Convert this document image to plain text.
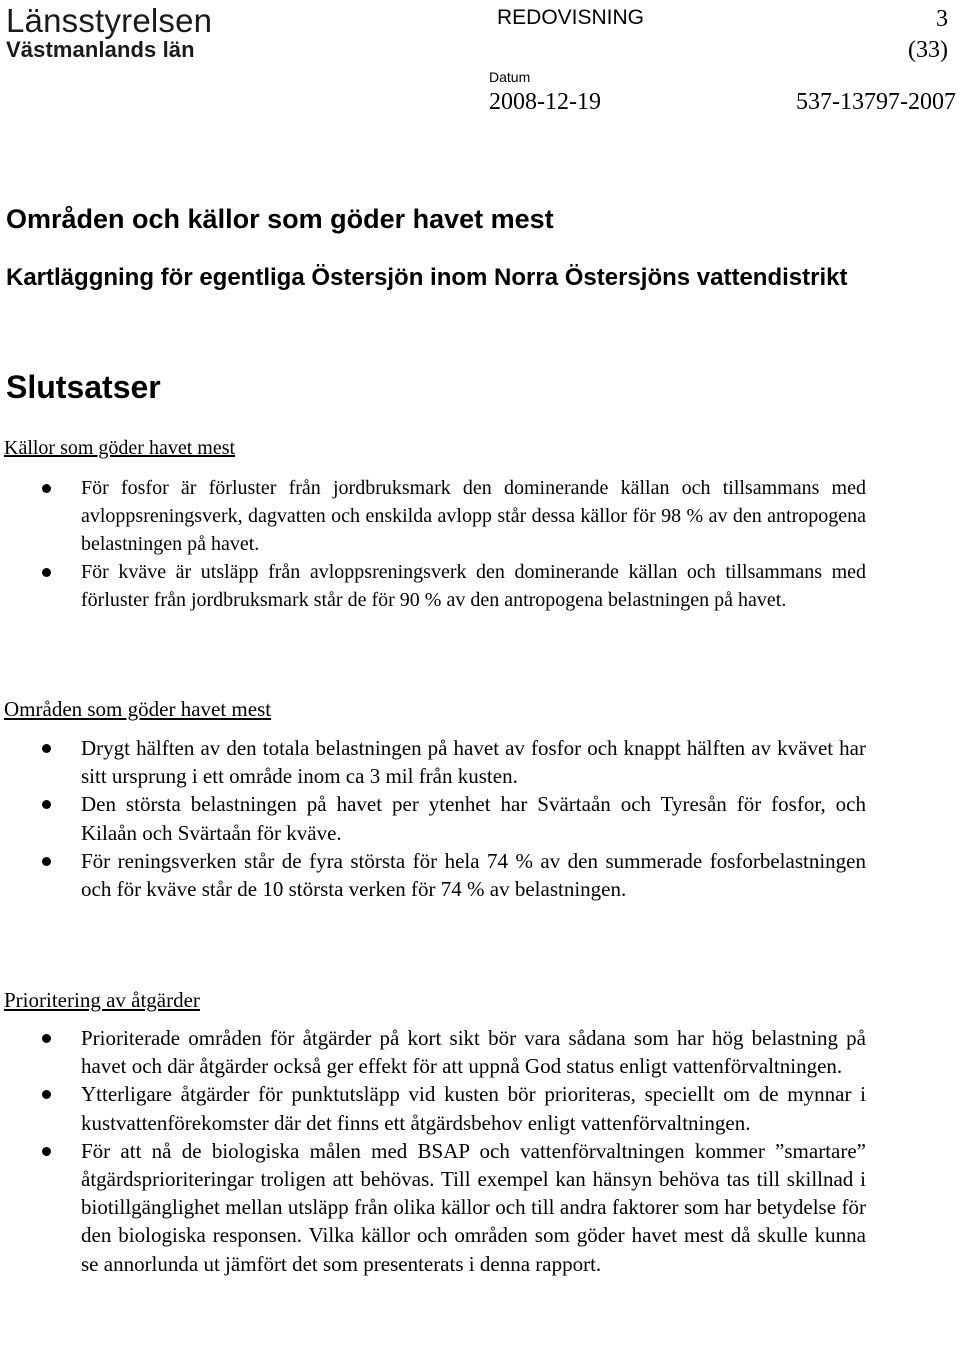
Länsstyrelsen
Västmanlands län
REDOVISNING	3
(33)
Datum
2008-12-19	537-13797-2007
Områden och källor som göder havet mest
Kartläggning för egentliga Östersjön inom Norra Östersjöns vattendistrikt
Slutsatser
Källor som göder havet mest
För fosfor är förluster från jordbruksmark den dominerande källan och tillsammans med avloppsreningsverk, dagvatten och enskilda avlopp står dessa källor för 98 % av den antropogena belastningen på havet.
För kväve är utsläpp från avloppsreningsverk den dominerande källan och tillsammans med förluster från jordbruksmark står de för 90 % av den antropogena belastningen på havet.
Områden som göder havet mest
Drygt hälften av den totala belastningen på havet av fosfor och knappt hälften av kvävet har sitt ursprung i ett område inom ca 3 mil från kusten.
Den största belastningen på havet per ytenhet har Svärtaån och Tyresån för fosfor, och Kilaån och Svärtaån för kväve.
För reningsverken står de fyra största för hela 74 % av den summerade fosforbelastningen och för kväve står de 10 största verken för 74 % av belastningen.
Prioritering av åtgärder
Prioriterade områden för åtgärder på kort sikt bör vara sådana som har hög belastning på havet och där åtgärder också ger effekt för att uppnå God status enligt vattenförvaltningen.
Ytterligare åtgärder för punktutsläpp vid kusten bör prioriteras, speciellt om de mynnar i kustvattenförekomster där det finns ett åtgärdsbehov enligt vattenförvaltningen.
För att nå de biologiska målen med BSAP och vattenförvaltningen kommer ”smartare” åtgärdsprioriteringar troligen att behövas. Till exempel kan hänsyn behöva tas till skillnad i biotillgänglighet mellan utsläpp från olika källor och till andra faktorer som har betydelse för den biologiska responsen. Vilka källor och områden som göder havet mest då skulle kunna se annorlunda ut jämfört det som presenterats i denna rapport.
